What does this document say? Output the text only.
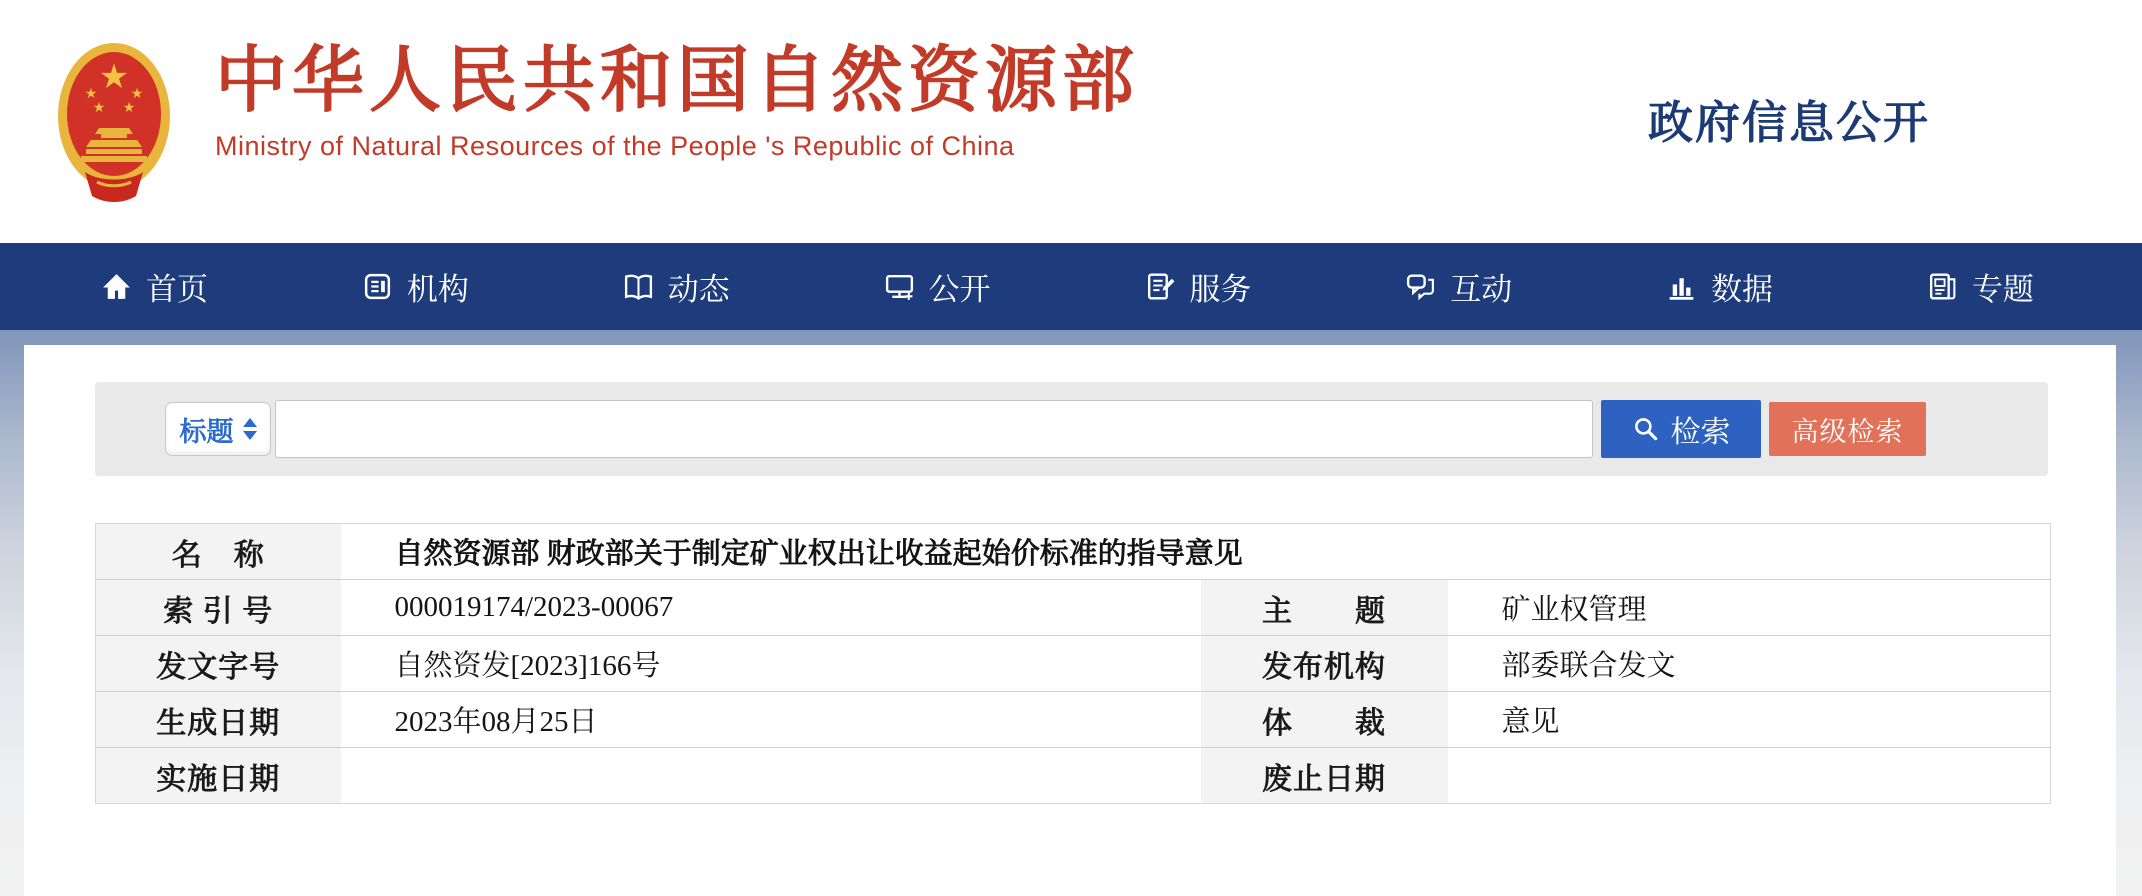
★
★ ★
★ ★ 中华人民共和国自然资源部
Ministry of Natural Resources of the People 's Republic of China	政府信息公开
首页	机构	动态	公开	服务	互动	数据	专题
标题	检索 高级检索
名　称	自然资源部 财政部关于制定矿业权出让收益起始价标准的指导意见		
索 引 号	000019174/2023-00067	主　　题	矿业权管理
发文字号	自然资发[2023]166号	发布机构	部委联合发文
生成日期	2023年08月25日	体　　裁	意见
实施日期		废止日期	
